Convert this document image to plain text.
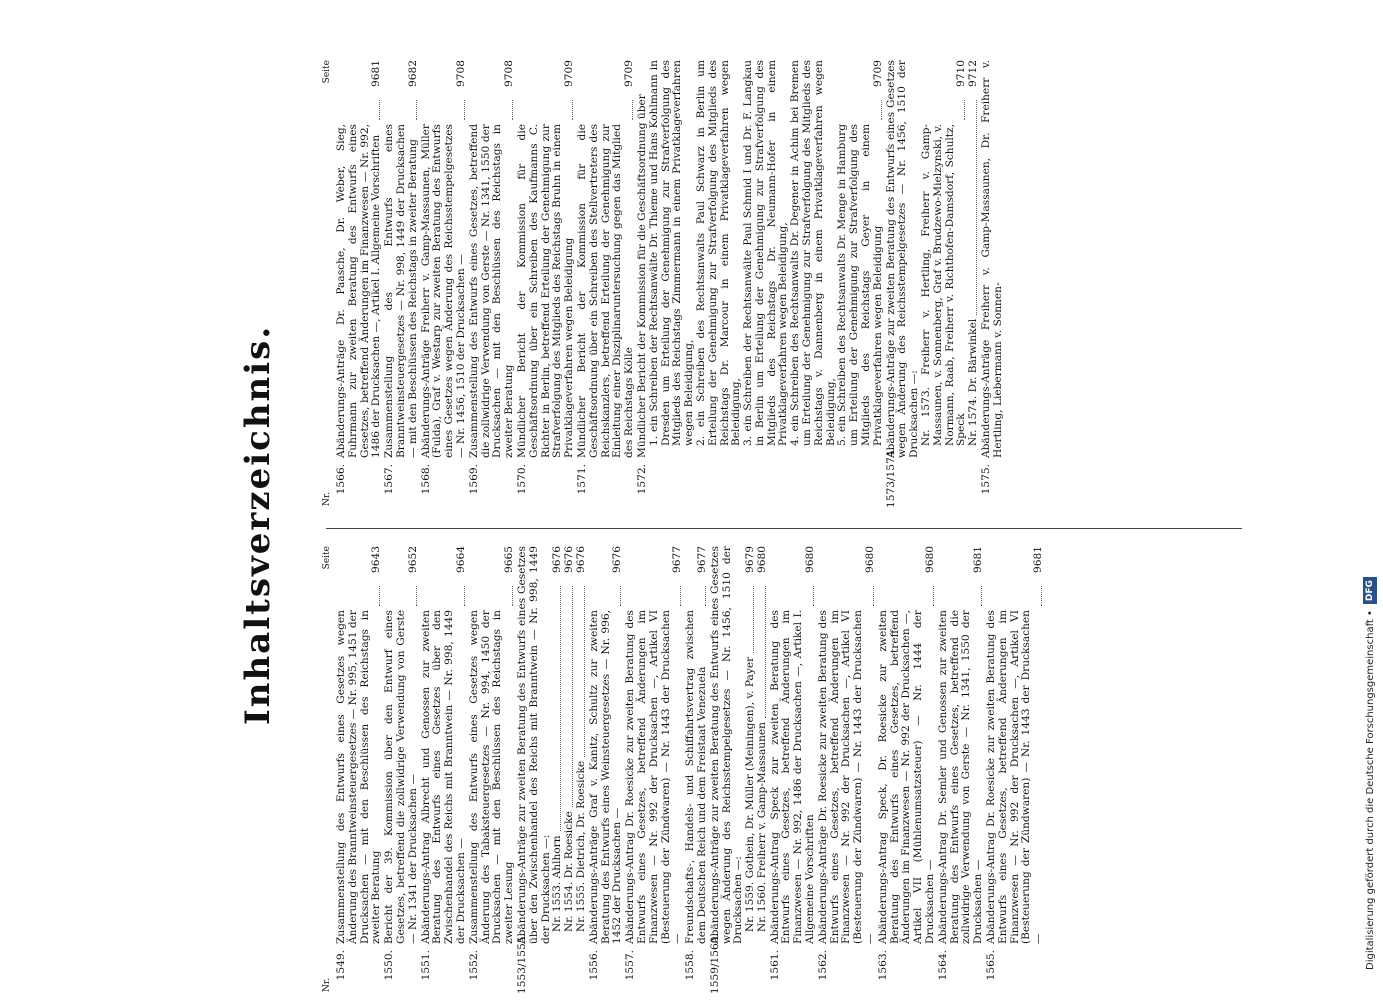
Inhaltsverzeichnis.
Nr.
Seite
1549.
Zusammenstellung des Entwurfs eines Gesetzes wegen Änderung des Branntweinsteuergesetzes — Nr. 995, 1451 der Drucksachen — mit den Beschlüssen des Reichstags in zweiter Beratung
9643
1550.
Bericht der 39. Kommission über den Entwurf eines Gesetzes, betreffend die zollwidrige Verwendung von Gerste — Nr. 1341 der Drucksachen —
9652
1551.
Abänderungs-Antrag Albrecht und Genossen zur zweiten Beratung des Entwurfs eines Gesetzes über den Zwischenhandel des Reichs mit Branntwein — Nr. 998, 1449 der Drucksachen —
9664
1552.
Zusammenstellung des Entwurfs eines Gesetzes wegen Änderung des Tabaksteuergesetzes — Nr. 994, 1450 der Drucksachen — mit den Beschlüssen des Reichstags in zweiter Lesung
9665
1553/1555.
Abänderungs-Anträge zur zweiten Beratung des Entwurfs eines Gesetzes über den Zwischenhandel des Reichs mit Branntwein — Nr. 998, 1449 der Drucksachen —: Nr. 1553. Ahlhorn
9676
Nr. 1554. Dr. Roesicke
9676
Nr. 1555. Dietrich, Dr. Roesicke
9676
1556.
Abänderungs-Anträge Graf v. Kanitz, Schultz zur zweiten Beratung des Entwurfs eines Weinsteuergesetzes — Nr. 996, 1452 der Drucksachen —
9676
1557.
Abänderungs-Antrag Dr. Roesicke zur zweiten Beratung des Entwurfs eines Gesetzes, betreffend Änderungen im Finanzwesen — Nr. 992 der Drucksachen —, Artikel VI (Besteuerung der Zündwaren) — Nr. 1443 der Drucksachen —
9677
1558.
Freundschafts-, Handels- und Schiffahrtsvertrag zwischen dem Deutschen Reich und dem Freistaat Venezuela
9677
1559/1560.
Abänderungs-Anträge zur zweiten Beratung des Entwurfs eines Gesetzes wegen Änderung des Reichsstempelgesetzes — Nr. 1456, 1510 der Drucksachen —: Nr. 1559. Gothein, Dr. Müller (Meiningen), v. Payer
9679
Nr. 1560. Freiherr v. Gamp-Massaunen
9680
1561.
Abänderungs-Antrag Speck zur zweiten Beratung des Entwurfs eines Gesetzes, betreffend Änderungen im Finanzwesen — Nr. 992, 1486 der Drucksachen —, Artikel I. Allgemeine Vorschriften
9680
1562.
Abänderungs-Anträge Dr. Roesicke zur zweiten Beratung des Entwurfs eines Gesetzes, betreffend Änderungen im Finanzwesen — Nr. 992 der Drucksachen —, Artikel VI (Besteuerung der Zündwaren) — Nr. 1443 der Drucksachen —
9680
1563.
Abänderungs-Antrag Speck, Dr. Roesicke zur zweiten Beratung des Entwurfs eines Gesetzes, betreffend Änderungen im Finanzwesen — Nr. 992 der Drucksachen —, Artikel VII (Mühlenumsatzsteuer) — Nr. 1444 der Drucksachen —
9680
1564.
Abänderungs-Antrag Dr. Semler und Genossen zur zweiten Beratung des Entwurfs eines Gesetzes, betreffend die zollwidrige Verwendung von Gerste — Nr. 1341, 1550 der Drucksachen —
9681
1565.
Abänderungs-Antrag Dr. Roesicke zur zweiten Beratung des Entwurfs eines Gesetzes, betreffend Änderungen im Finanzwesen — Nr. 992 der Drucksachen —, Artikel VI (Besteuerung der Zündwaren) — Nr. 1443 der Drucksachen —
9681
Nr.
Seite
1566.
Abänderungs-Anträge Dr. Paasche, Dr. Weber, Sieg, Fuhrmann zur zweiten Beratung des Entwurfs eines Gesetzes, betreffend Änderungen im Finanzwesen — Nr. 992, 1486 der Drucksachen —, Artikel I. Allgemeine Vorschriften
9681
1567.
Zusammenstellung des Entwurfs eines Branntweinsteuergesetzes — Nr. 998, 1449 der Drucksachen — mit den Beschlüssen des Reichstags in zweiter Beratung
9682
1568.
Abänderungs-Anträge Freiherr v. Gamp-Massaunen, Müller (Fulda), Graf v. Westarp zur zweiten Beratung des Entwurfs eines Gesetzes wegen Änderung des Reichsstempelgesetzes — Nr. 1456, 1510 der Drucksachen —
9708
1569.
Zusammenstellung des Entwurfs eines Gesetzes, betreffend die zollwidrige Verwendung von Gerste — Nr. 1341, 1550 der Drucksachen — mit den Beschlüssen des Reichstags in zweiter Beratung
9708
1570.
Mündlicher Bericht der Kommission für die Geschäftsordnung über ein Schreiben des Kaufmanns C. Richter in Berlin, betreffend Erteilung der Genehmigung zur Strafverfolgung des Mitglieds des Reichstags Bruhn in einem Privatklageverfahren wegen Beleidigung
9709
1571.
Mündlicher Bericht der Kommission für die Geschäftsordnung über ein Schreiben des Stellvertreters des Reichskanzlers, betreffend Erteilung der Genehmigung zur Einleitung einer Disziplinaruntersuchung gegen das Mitglied des Reichstags Kölle
9709
1572.
Mündlicher Bericht der Kommission für die Geschäftsordnung über 1. ein Schreiben der Rechtsanwälte Dr. Thieme und Hans Kohlmann in Dresden um Erteilung der Genehmigung zur Strafverfolgung des Mitglieds des Reichstags Zimmermann in einem Privatklageverfahren wegen Beleidigung, 2. ein Schreiben des Rechtsanwalts Paul Schwarz in Berlin um Erteilung der Genehmigung zur Strafverfolgung des Mitglieds des Reichstags Dr. Marcour in einem Privatklageverfahren wegen Beleidigung, 3. ein Schreiben der Rechtsanwälte Paul Schmid I und Dr. F. Langkau in Berlin um Erteilung der Genehmigung zur Strafverfolgung des Mitglieds des Reichstags Dr. Neumann-Hofer in einem Privatklageverfahren wegen Beleidigung, 4. ein Schreiben des Rechtsanwalts Dr. Degener in Achim bei Bremen um Erteilung der Genehmigung zur Strafverfolgung des Mitglieds des Reichstags v. Dannenberg in einem Privatklageverfahren wegen Beleidigung, 5. ein Schreiben des Rechtsanwalts Dr. Menge in Hamburg um Erteilung der Genehmigung zur Strafverfolgung des Mitglieds des Reichstags Geyer in einem Privatklageverfahren wegen Beleidigung
9709
1573/1574.
Abänderungs-Anträge zur zweiten Beratung des Entwurfs eines Gesetzes wegen Änderung des Reichsstempelgesetzes — Nr. 1456, 1510 der Drucksachen —: Nr. 1573. Freiherr v. Hertling, Freiherr v. Gamp-Massaunen, v. Sonnenberg, Graf v. Brudzewo-Mielzynski, v. Normann, Raab, Freiherr v. Richthofen-Damsdorf, Schultz, Speck
9710
Nr. 1574. Dr. Bärwinkel
9712
1575.
Abänderungs-Anträge Freiherr v. Gamp-Massaunen, Dr. Freiherr v. Hertling, Liebermann v. Sonnen-
Digitalisierung gefördert durch die Deutsche Forschungsgemeinschaft •
DFG
